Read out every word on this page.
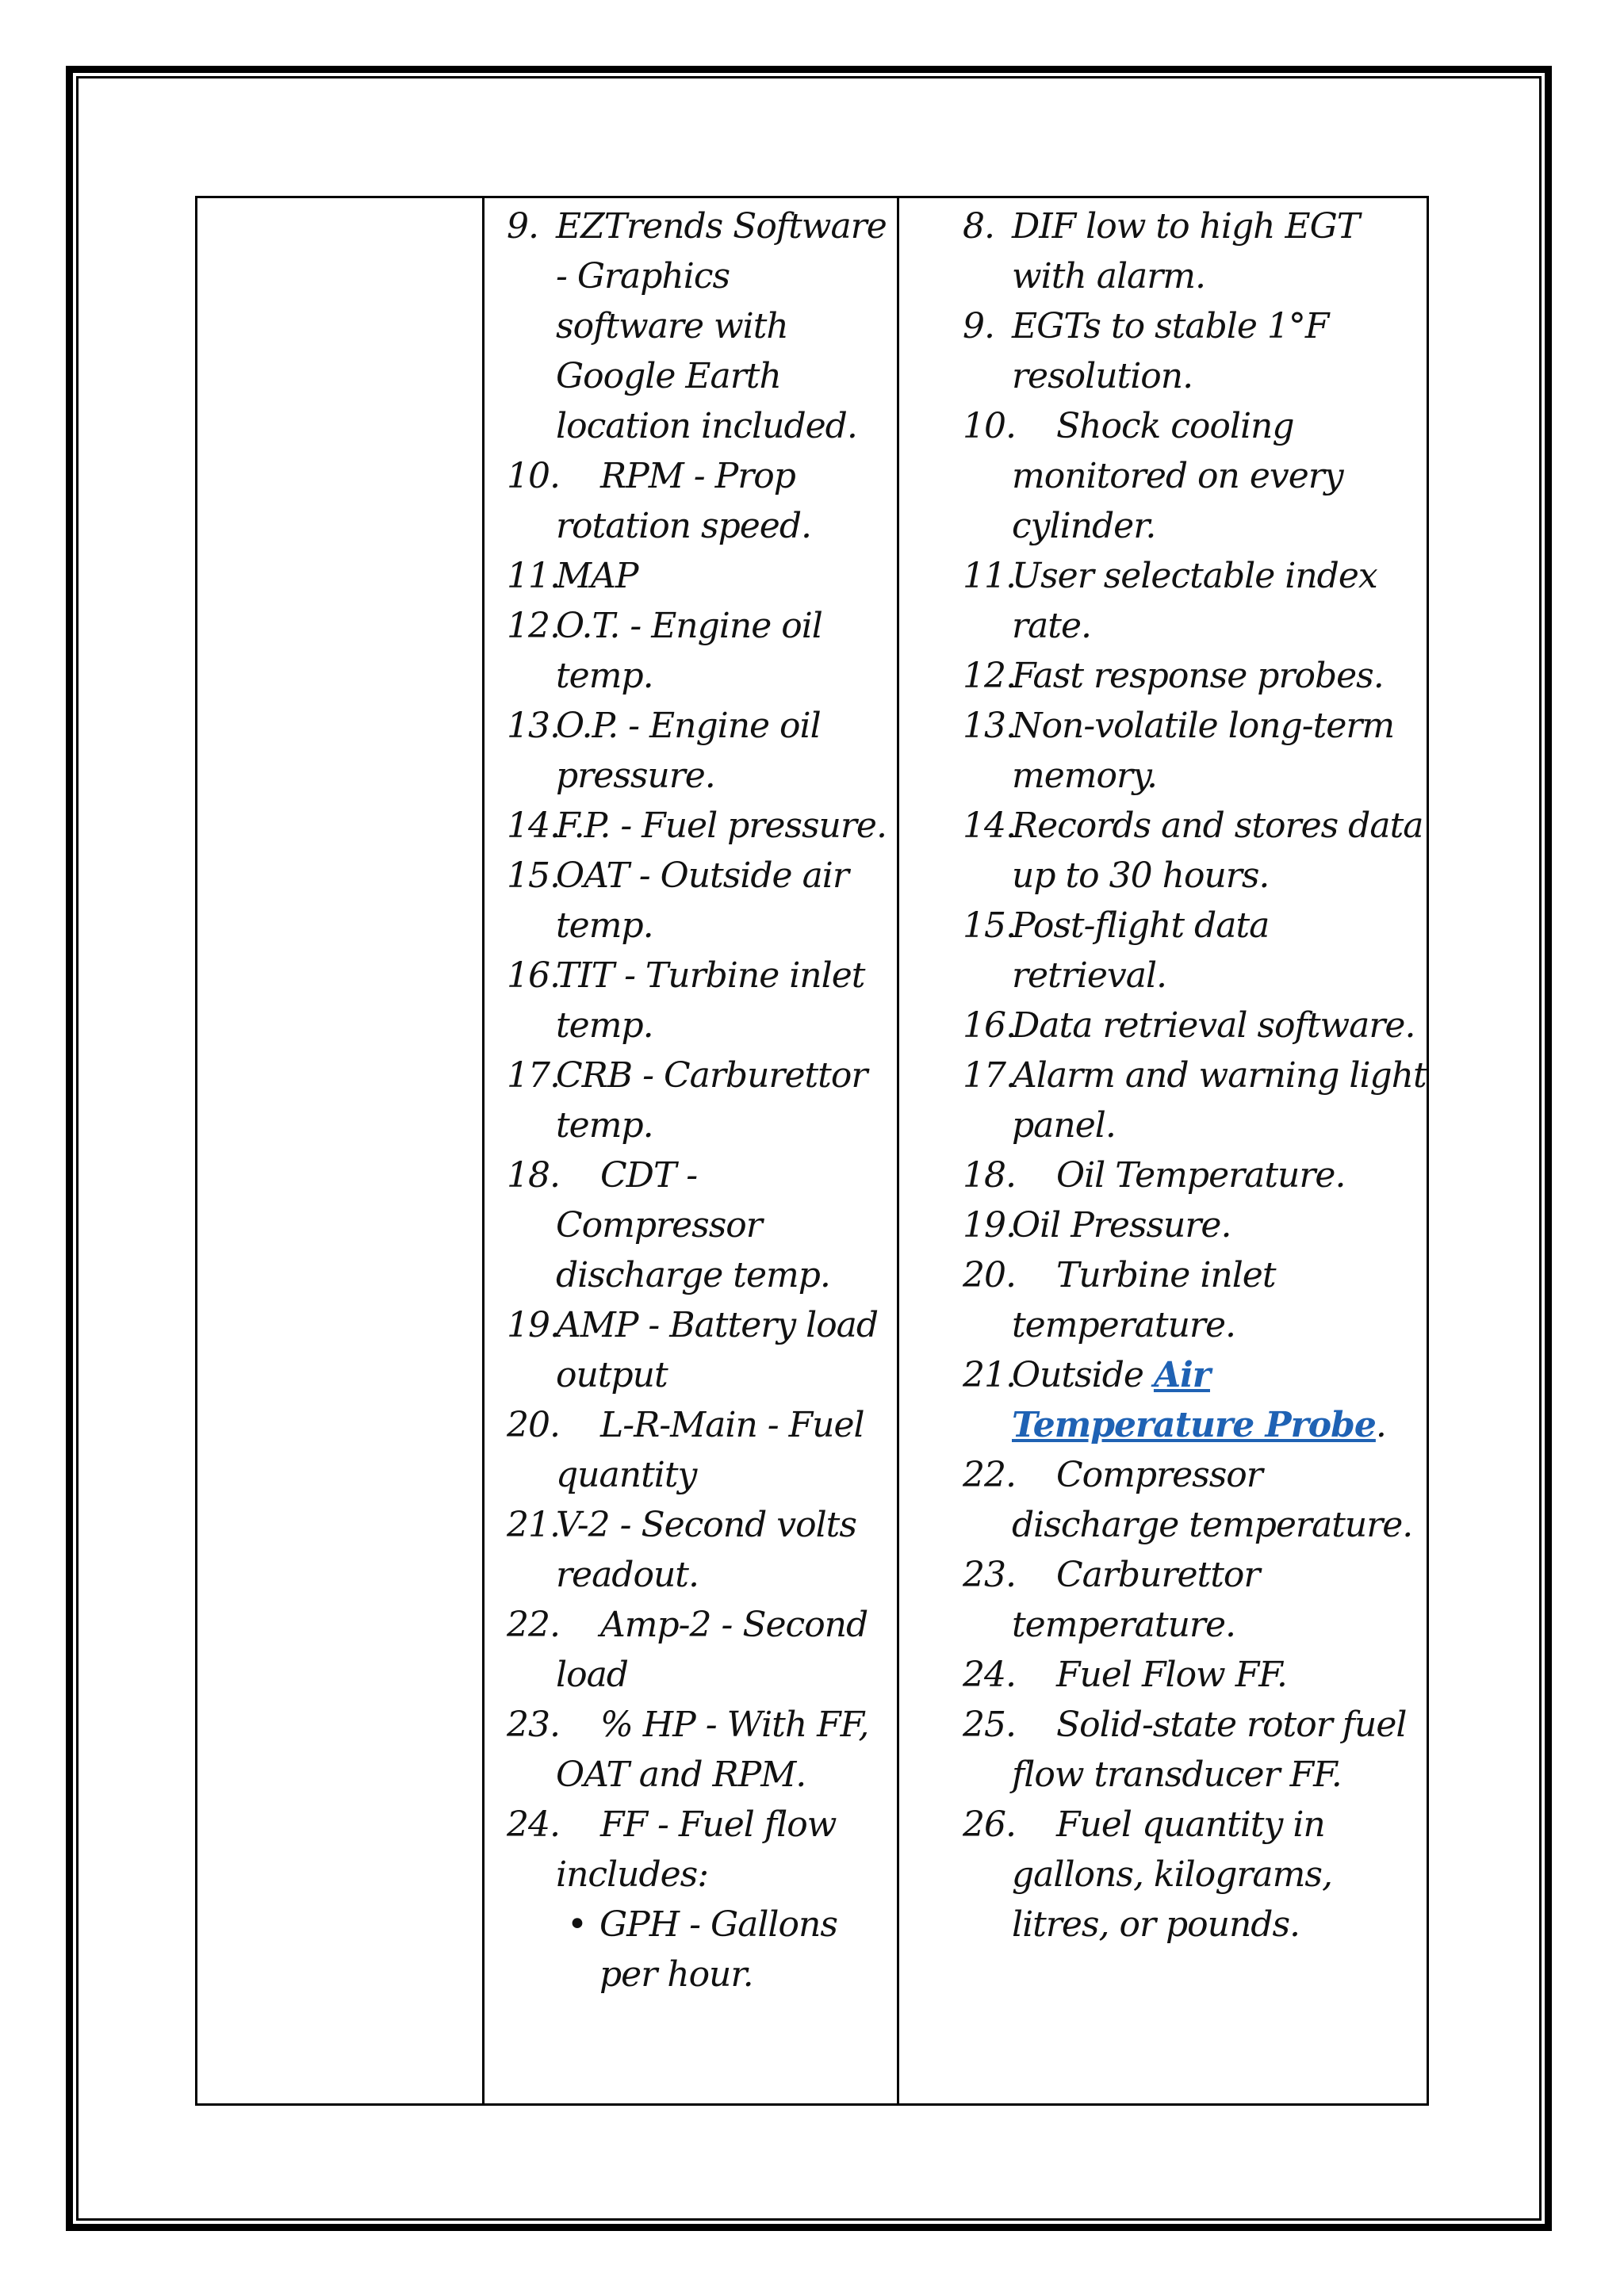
9. EZTrends Software - Graphics software with Google Earth location included.
10. RPM - Prop rotation speed.
11.
MAP
12.
O.T. - Engine oil temp.
13.
O.P. - Engine oil pressure.
14.
F.P. - Fuel pressure.
15.
OAT - Outside air temp.
16.
TIT - Turbine inlet temp.
17.
CRB - Carburettor temp.
18. CDT - Compressor discharge temp.
19.
AMP - Battery load output
20. L-R-Main - Fuel quantity
21.
V-2 - Second volts readout.
22. Amp-2 - Second load
23. % HP - With FF, OAT and RPM.
24. FF - Fuel flow includes:
• GPH - Gallons per hour.
8. DIF low to high EGT with alarm.
9. EGTs to stable 1°F resolution.
10. Shock cooling monitored on every cylinder.
11.
User selectable index rate.
12.
Fast response probes.
13.
Non-volatile long-term memory.
14.
Records and stores data up to 30 hours.
15.
Post-flight data retrieval.
16.
Data retrieval software.
17.
Alarm and warning light panel.
18. Oil Temperature.
19.
Oil Pressure.
20. Turbine inlet temperature.
21.
Outside Air Temperature Probe.
22. Compressor discharge temperature.
23. Carburettor temperature.
24. Fuel Flow FF.
25. Solid-state rotor fuel flow transducer FF.
26. Fuel quantity in gallons, kilograms, litres, or pounds.
